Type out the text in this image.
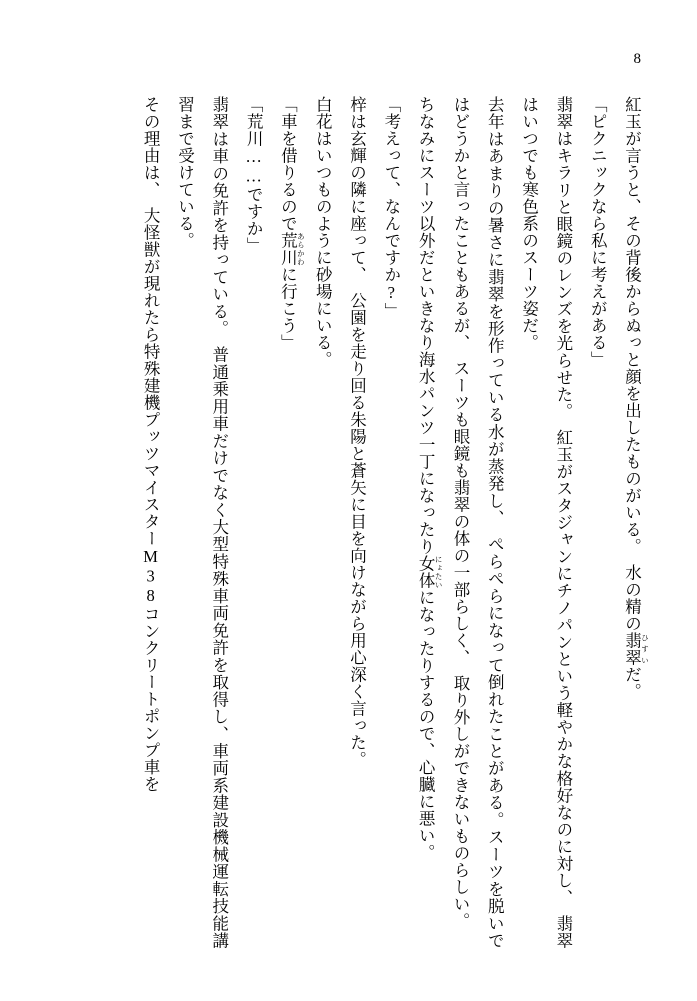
8

紅玉が言うと、その背後からぬっと顔を出したものがいる。　水の精の翡翠 ひすいだ。

「ピクニックなら私に考えがある」

翡翠はキラリと眼鏡のレンズを光らせた。　紅玉がスタジャンにチノパンという軽やかな格好なのに対し、　翡翠はいつでも寒色系のスーツ姿だ。

去年はあまりの暑さに翡翠を形作っている水が蒸発し、　ぺらぺらになって倒れたことがある。スーツを脱いではどうかと言ったこともあるが、　スーツも眼鏡も翡翠の体の一部らしく、　取り外しができないものらしい。

ちなみにスーツ以外だといきなり海水パンツ一丁になったり女体 にょたいになったりするので、心臓に悪い。

「考えって、なんですか?」

梓は玄輝の隣に座って、　公園を走り回る朱陽と蒼矢に目を向けながら用心深く言った。

白花はいつものように砂場にいる。

「車を借りるので荒川 あらかわに行こう」

「荒川……ですか」

翡翠は車の免許を持っている。　普通乗用車だけでなく大型特殊車両免許を取得し、車両系建設機械運転技能講習まで受けている。

その理由は、　大怪獣が現れたら特殊建機プッツマイスターM38コンクリートポンプ車を
